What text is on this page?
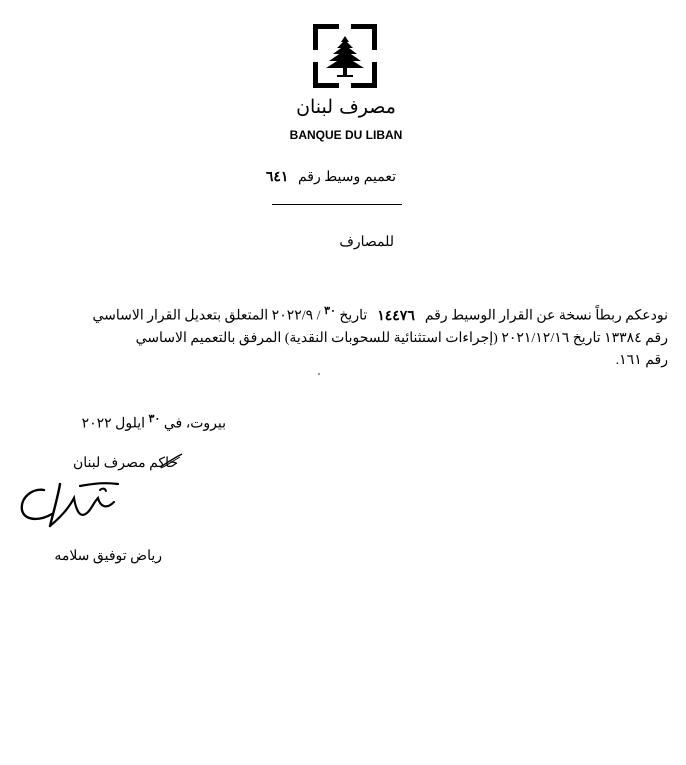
مصرف لبنان
BANQUE DU LIBAN
تعميم وسيط رقم ٦٤١
للمصارف

نودعكم ربطاً نسخة عن القرار الوسيط رقم١٤٤٧٦تاريخ $^{٣٠}$ / ٢٠٢٢/٩ المتعلق بتعديل القرار الاساسي

رقم ١٣٣٨٤ تاريخ ٢٠٢١/١٢/١٦ (إجراءات استثنائية للسحوبات النقدية) المرفق بالتعميم الاساسي

رقم ١٦١.

بيروت، في $^{٣٠}$ ايلول ٢٠٢٢
حاكم مصرف لبنان
رياض توفيق سلامه
